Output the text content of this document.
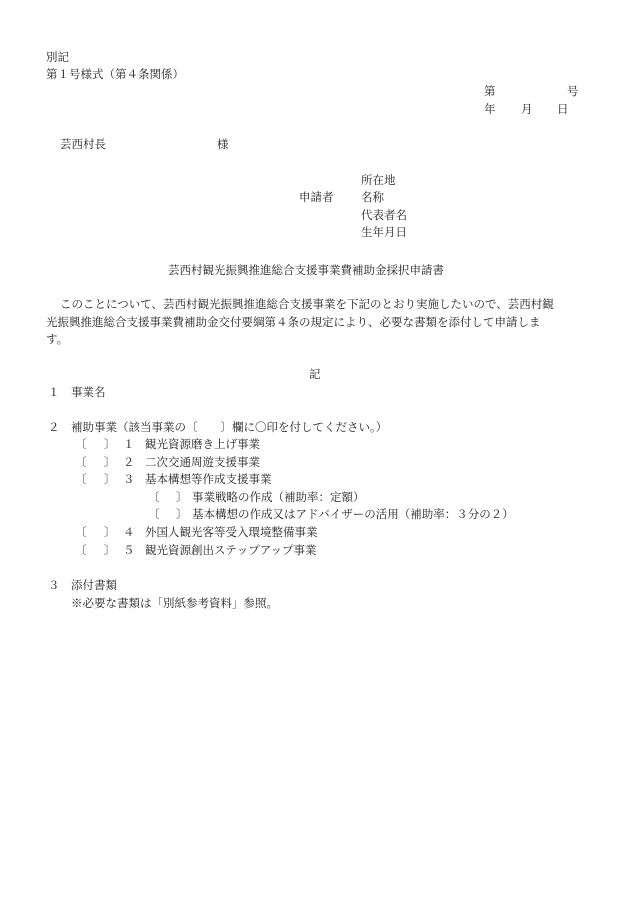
別記
第１号様式（第４条関係）
第	号
年 月 日
芸西村長	様
申請者
所在地
名称
代表者名
生年月日
芸西村観光振興推進総合支援事業費補助金採択申請書
このことについて、芸西村観光振興推進総合支援事業を下記のとおり実施したいので、芸西村観
光振興推進総合支援事業費補助金交付要綱第４条の規定により、必要な書類を添付して申請しま
す。
記
１ 事業名
２ 補助事業（該当事業の〔　　〕欄に〇印を付してください。）
〔 〕 １ 観光資源磨き上げ事業
〔 〕 ２ 二次交通周遊支援事業
〔 〕 ３ 基本構想等作成支援事業
〔 〕 事業戦略の作成（補助率：定額）
〔 〕 基本構想の作成又はアドバイザーの活用（補助率：３分の２）
〔 〕 ４ 外国人観光客等受入環境整備事業
〔 〕 ５ 観光資源創出ステップアップ事業
３ 添付書類
※必要な書類は「別紙参考資料」参照。
